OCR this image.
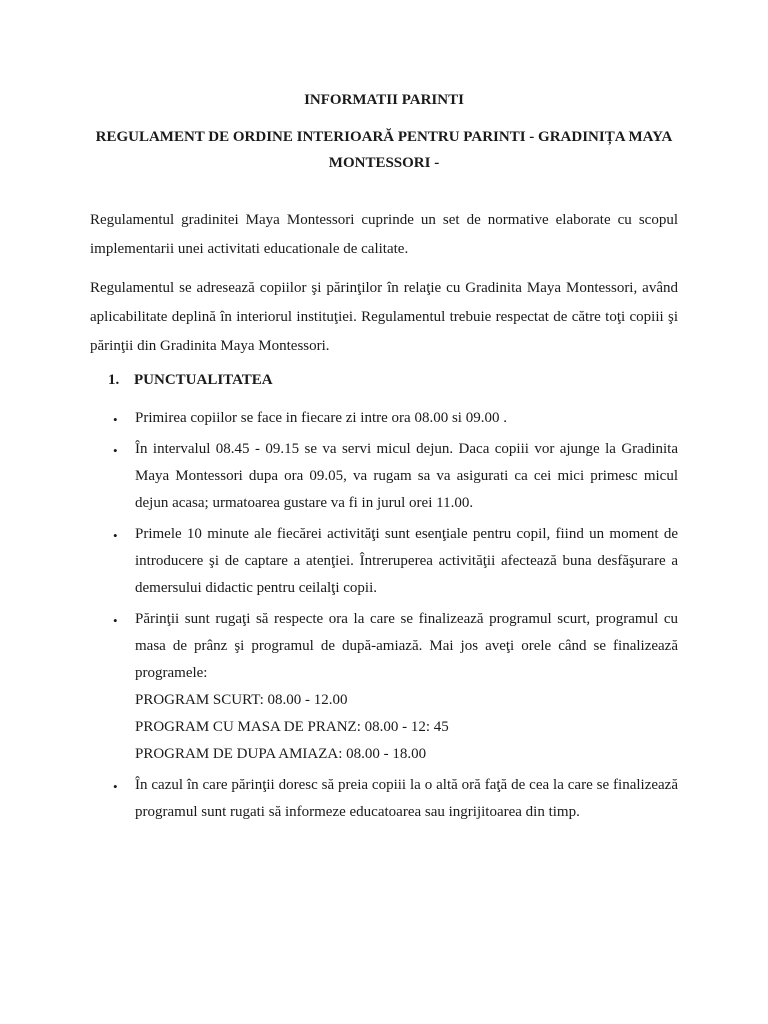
INFORMATII PARINTI
REGULAMENT DE ORDINE INTERIOARĂ PENTRU PARINTI - GRADINIȚA MAYA MONTESSORI -

Regulamentul gradinitei Maya Montessori cuprinde un set de normative elaborate cu scopul implementarii unei activitati educationale de calitate.

Regulamentul se adresează copiilor şi părinţilor în relaţie cu Gradinita Maya Montessori, având aplicabilitate deplină în interiorul instituţiei. Regulamentul trebuie respectat de către toţi copiii şi părinţii din Gradinita Maya Montessori.

1. PUNCTUALITATEA
• Primirea copiilor se face in fiecare zi intre ora 08.00 si 09.00 .
• În intervalul 08.45 - 09.15 se va servi micul dejun. Daca copiii vor ajunge la Gradinita Maya Montessori dupa ora 09.05, va rugam sa va asigurati ca cei mici primesc micul dejun acasa; urmatoarea gustare va fi in jurul orei 11.00.
• Primele 10 minute ale fiecărei activităţi sunt esenţiale pentru copil, fiind un moment de introducere şi de captare a atenţiei. Întreruperea activităţii afectează buna desfăşurare a demersului didactic pentru ceilalţi copii.
• Părinţii sunt rugaţi să respecte ora la care se finalizează programul scurt, programul cu masa de prânz şi programul de după-amiază. Mai jos aveţi orele când se finalizează programele:
PROGRAM SCURT: 08.00 - 12.00
PROGRAM CU MASA DE PRANZ: 08.00 - 12: 45
PROGRAM DE DUPA AMIAZA: 08.00 - 18.00
• În cazul în care părinţii doresc să preia copiii la o altă oră faţă de cea la care se finalizează programul sunt rugati să informeze educatoarea sau ingrijitoarea din timp.
